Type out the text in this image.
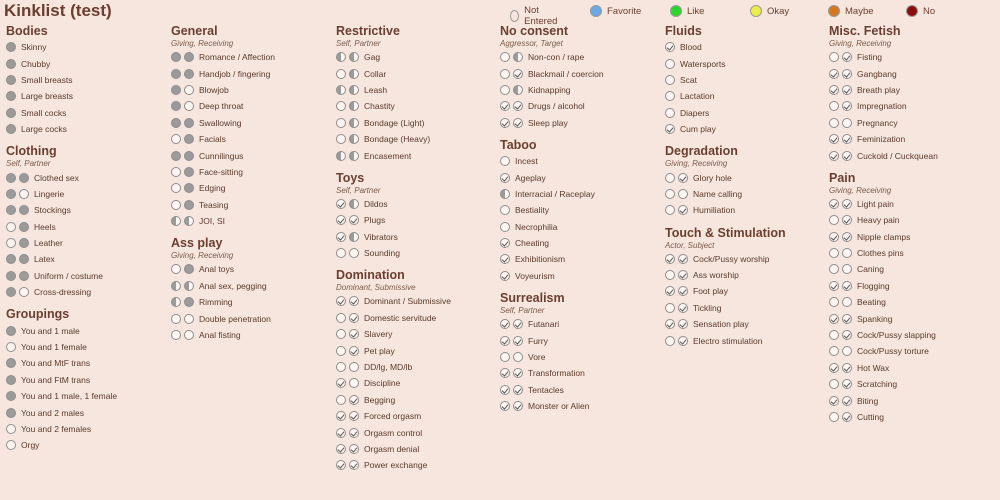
Kinklist (test)	Not Entered
Favorite	Like	Okay	Maybe	No
Bodies
Skinny
Chubby
Small breasts
Large breasts
Small cocks
Large cocks
Clothing
Self, Partner
Clothed sex
Lingerie
Stockings
Heels
Leather
Latex
Uniform / costume
Cross-dressing
Groupings
You and 1 male
You and 1 female
You and MtF trans
You and FtM trans
You and 1 male, 1 female
You and 2 males
You and 2 females
Orgy
General
Giving, Receiving
Romance / Affection
Handjob / fingering
Blowjob
Deep throat
Swallowing
Facials
Cunnilingus
Face-sitting
Edging
Teasing
JOI, SI
Ass play
Giving, Receiving
Anal toys
Anal sex, pegging
Rimming
Double penetration
Anal fisting
Restrictive
Self, Partner
Gag
Collar
Leash
Chastity
Bondage (Light)
Bondage (Heavy)
Encasement
Toys
Self, Partner
Dildos
Plugs
Vibrators
Sounding
Domination
Dominant, Submissive
Dominant / Submissive
Domestic servitude
Slavery
Pet play
DD/lg, MD/lb
Discipline
Begging
Forced orgasm
Orgasm control
Orgasm denial
Power exchange
No consent
Aggressor, Target
Non-con / rape
Blackmail / coercion
Kidnapping
Drugs / alcohol
Sleep play
Taboo
Incest
Ageplay
Interracial / Raceplay
Bestiality
Necrophilia
Cheating
Exhibitionism
Voyeurism
Surrealism
Self, Partner
Futanari
Furry
Vore
Transformation
Tentacles
Monster or Alien
Fluids
Blood
Watersports
Scat
Lactation
Diapers
Cum play
Degradation
Giving, Receiving
Glory hole
Name calling
Humiliation
Touch & Stimulation
Actor, Subject
Cock/Pussy worship
Ass worship
Foot play
Tickling
Sensation play
Electro stimulation
Misc. Fetish
Giving, Receiving
Fisting
Gangbang
Breath play
Impregnation
Pregnancy
Feminization
Cuckold / Cuckquean
Pain
Giving, Receiving
Light pain
Heavy pain
Nipple clamps
Clothes pins
Caning
Flogging
Beating
Spanking
Cock/Pussy slapping
Cock/Pussy torture
Hot Wax
Scratching
Biting
Cutting
